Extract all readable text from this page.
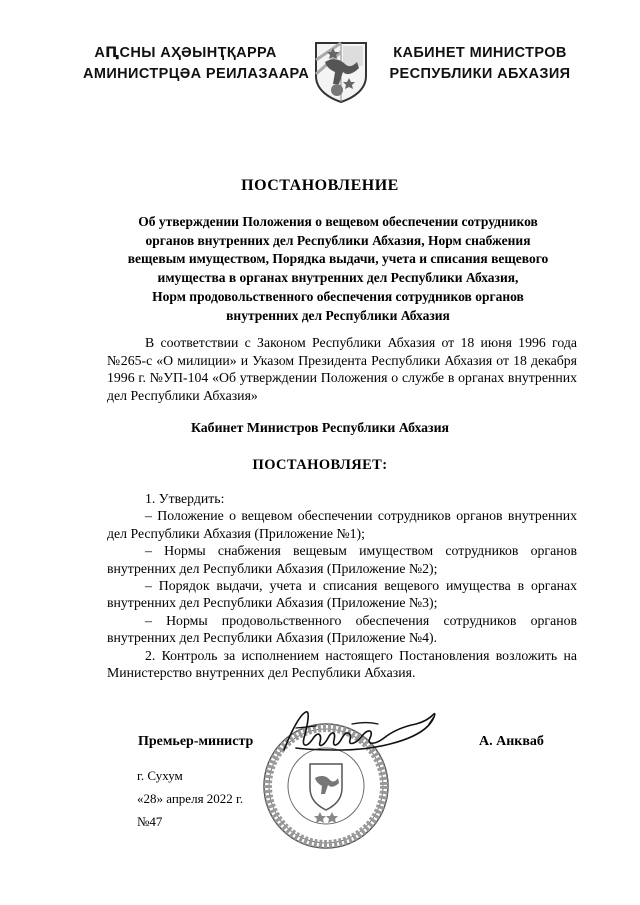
АԤСНЫ АҲӘЫНҬҚАРРА
АМИНИСТРЦӘА РЕИЛАЗААРА
КАБИНЕТ МИНИСТРОВ
РЕСПУБЛИКИ АБХАЗИЯ
ПОСТАНОВЛЕНИЕ
Об утверждении Положения о вещевом обеспечении сотрудников
органов внутренних дел Республики Абхазия, Норм снабжения
вещевым имуществом, Порядка выдачи, учета и списания вещевого
имущества в органах внутренних дел Республики Абхазия,
Норм продовольственного обеспечения сотрудников органов
внутренних дел Республики Абхазия
В соответствии с Законом Республики Абхазия от 18 июня 1996 года №265-с «О милиции» и Указом Президента Республики Абхазия от 18 декабря 1996 г. №УП-104 «Об утверждении Положения о службе в органах внутренних дел Республики Абхазия»
Кабинет Министров Республики Абхазия
ПОСТАНОВЛЯЕТ:

1. Утвердить:

– Положение о вещевом обеспечении сотрудников органов внутренних дел Республики Абхазия (Приложение №1);

– Нормы снабжения вещевым имуществом сотрудников органов внутренних дел Республики Абхазия (Приложение №2);

– Порядок выдачи, учета и списания вещевого имущества в органах внутренних дел Республики Абхазия (Приложение №3);

– Нормы продовольственного обеспечения сотрудников органов внутренних дел Республики Абхазия (Приложение №4).

2. Контроль за исполнением настоящего Постановления возложить на Министерство внутренних дел Республики Абхазия.

Премьер-министр	А. Анкваб
г. Сухум
«28» апреля 2022 г.
№47
